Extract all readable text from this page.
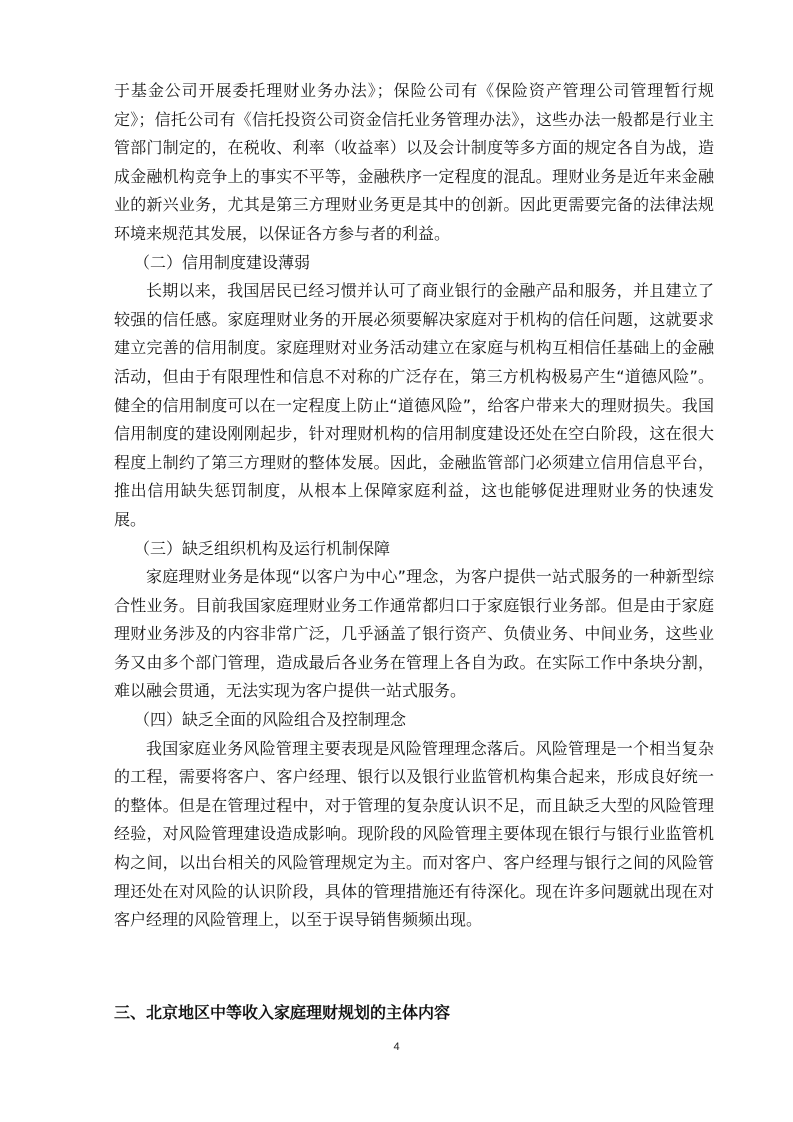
于基金公司开展委托理财业务办法》；保险公司有《保险资产管理公司管理暂行规定》；信托公司有《信托投资公司资金信托业务管理办法》，这些办法一般都是行业主管部门制定的，在税收、利率（收益率）以及会计制度等多方面的规定各自为战，造成金融机构竞争上的事实不平等，金融秩序一定程度的混乱。理财业务是近年来金融业的新兴业务，尤其是第三方理财业务更是其中的创新。因此更需要完备的法律法规环境来规范其发展，以保证各方参与者的利益。

（二）信用制度建设薄弱

长期以来，我国居民已经习惯并认可了商业银行的金融产品和服务，并且建立了较强的信任感。家庭理财业务的开展必须要解决家庭对于机构的信任问题，这就要求建立完善的信用制度。家庭理财对业务活动建立在家庭与机构互相信任基础上的金融活动，但由于有限理性和信息不对称的广泛存在，第三方机构极易产生“道德风险”。健全的信用制度可以在一定程度上防止“道德风险”，给客户带来大的理财损失。我国信用制度的建设刚刚起步，针对理财机构的信用制度建设还处在空白阶段，这在很大程度上制约了第三方理财的整体发展。因此，金融监管部门必须建立信用信息平台，推出信用缺失惩罚制度，从根本上保障家庭利益，这也能够促进理财业务的快速发展。

（三）缺乏组织机构及运行机制保障

家庭理财业务是体现“以客户为中心”理念，为客户提供一站式服务的一种新型综合性业务。目前我国家庭理财业务工作通常都归口于家庭银行业务部。但是由于家庭理财业务涉及的内容非常广泛，几乎涵盖了银行资产、负债业务、中间业务，这些业务又由多个部门管理，造成最后各业务在管理上各自为政。在实际工作中条块分割，难以融会贯通，无法实现为客户提供一站式服务。

（四）缺乏全面的风险组合及控制理念

我国家庭业务风险管理主要表现是风险管理理念落后。风险管理是一个相当复杂的工程，需要将客户、客户经理、银行以及银行业监管机构集合起来，形成良好统一的整体。但是在管理过程中，对于管理的复杂度认识不足，而且缺乏大型的风险管理经验，对风险管理建设造成影响。现阶段的风险管理主要体现在银行与银行业监管机构之间，以出台相关的风险管理规定为主。而对客户、客户经理与银行之间的风险管理还处在对风险的认识阶段，具体的管理措施还有待深化。现在许多问题就出现在对客户经理的风险管理上，以至于误导销售频频出现。

三、北京地区中等收入家庭理财规划的主体内容
4
